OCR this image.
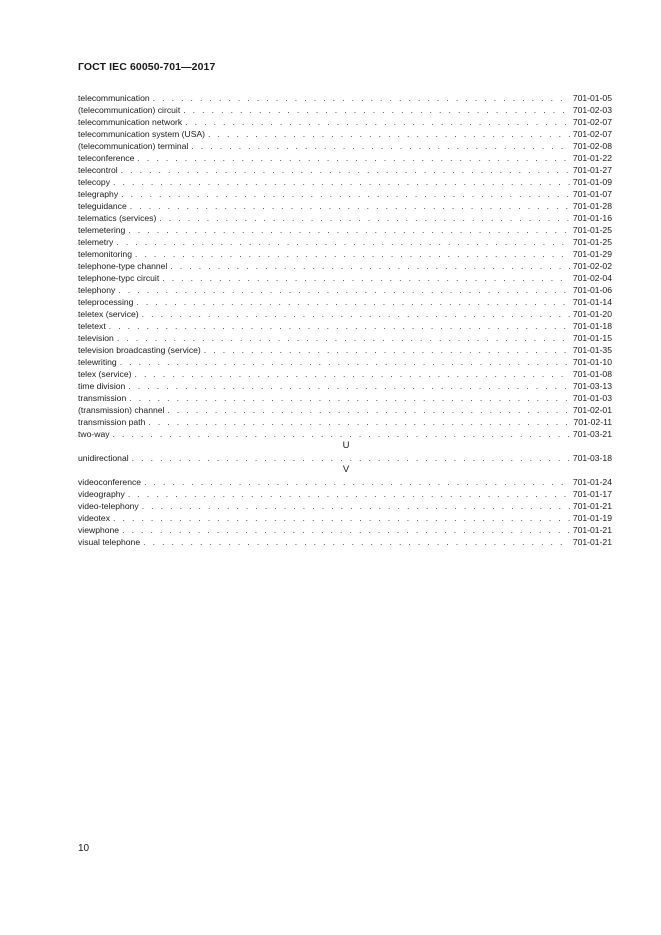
ГОСТ IEC 60050-701—2017
telecommunication . . .	701-01-05
(telecommunication) circuit . . .	701-02-03
telecommunication network . . .	701-02-07
telecommunication system (USA) . . .	701-02-07
(telecommunication) terminal . . .	701-02-08
teleconference . . .	701-01-22
telecontrol . . .	701-01-27
telecopy . . .	701-01-09
telegraphy . . .	701-01-07
teleguidance . . .	701-01-28
telematics (services) . . .	701-01-16
telemetering . . .	701-01-25
telemetry . . .	701-01-25
telemonitoring . . .	701-01-29
telephone-type channel . . .	701-02-02
telephone-typc circuit . . .	701-02-04
telephony . . .	701-01-06
teleprocessing . . .	701-01-14
teletex (service) . . .	701-01-20
teletext . . .	701-01-18
television . . .	701-01-15
television broadcasting (service) . . .	701-01-35
telewriting . . .	701-01-10
telex (service) . . .	701-01-08
time division . . .	701-03-13
transmission . . .	701-01-03
(transmission) channel . . .	701-02-01
transmission path . . .	701-02-11
two-way . . .	701-03-21
U
unidirectional . . .	701-03-18
V
videoconference . . .	701-01-24
videography . . .	701-01-17
video-telephony . . .	701-01-21
videotex . . .	701-01-19
viewphone . . .	701-01-21
visual telephone . . .	701-01-21
10
